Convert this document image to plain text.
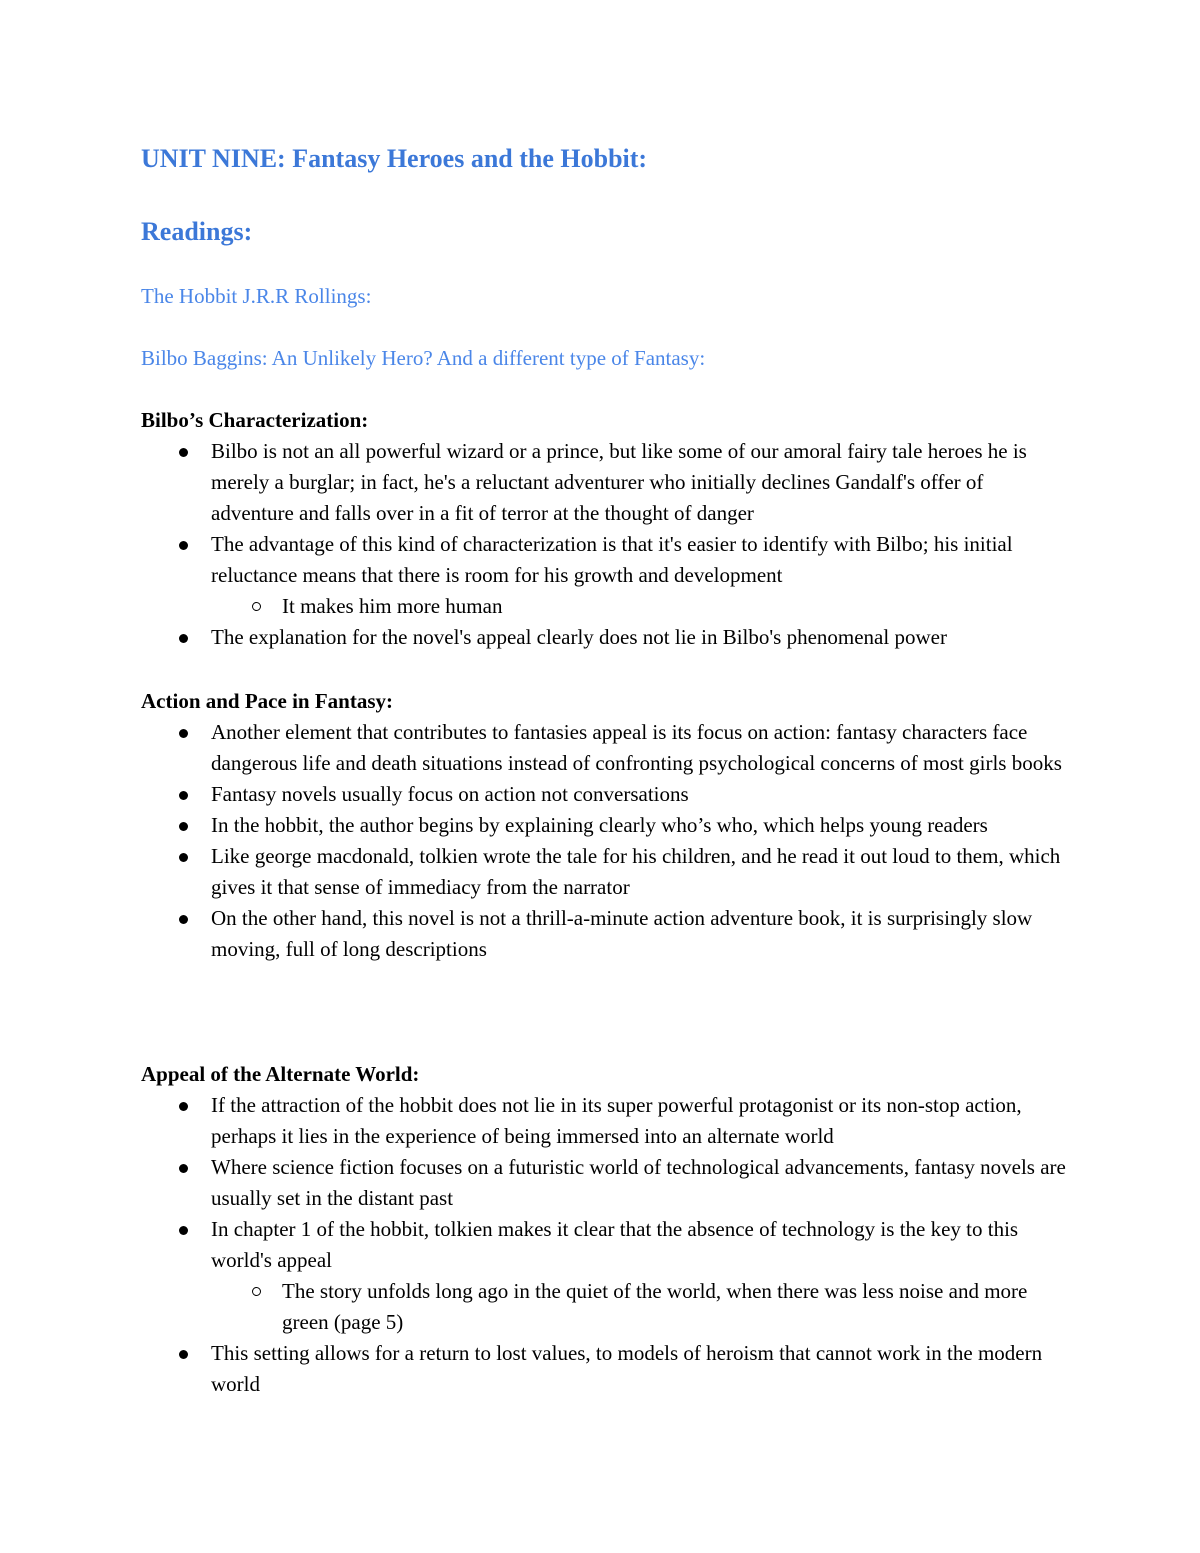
UNIT NINE: Fantasy Heroes and the Hobbit:
Readings:

The Hobbit J.R.R Rollings:

Bilbo Baggins: An Unlikely Hero? And a different type of Fantasy:

Bilbo’s Characterization:
Bilbo is not an all powerful wizard or a prince, but like some of our amoral fairy tale heroes he is merely a burglar; in fact, he's a reluctant adventurer who initially declines Gandalf's offer of adventure and falls over in a fit of terror at the thought of danger
The advantage of this kind of characterization is that it's easier to identify with Bilbo; his initial reluctance means that there is room for his growth and development
It makes him more human
The explanation for the novel's appeal clearly does not lie in Bilbo's phenomenal power
Action and Pace in Fantasy:
Another element that contributes to fantasies appeal is its focus on action: fantasy characters face dangerous life and death situations instead of confronting psychological concerns of most girls books
Fantasy novels usually focus on action not conversations
In the hobbit, the author begins by explaining clearly who’s who, which helps young readers
Like george macdonald, tolkien wrote the tale for his children, and he read it out loud to them, which gives it that sense of immediacy from the narrator
On the other hand, this novel is not a thrill-a-minute action adventure book, it is surprisingly slow moving, full of long descriptions
Appeal of the Alternate World:
If the attraction of the hobbit does not lie in its super powerful protagonist or its non-stop action, perhaps it lies in the experience of being immersed into an alternate world
Where science fiction focuses on a futuristic world of technological advancements, fantasy novels are usually set in the distant past
In chapter 1 of the hobbit, tolkien makes it clear that the absence of technology is the key to this world's appeal
The story unfolds long ago in the quiet of the world, when there was less noise and more green (page 5)
This setting allows for a return to lost values, to models of heroism that cannot work in the modern world
